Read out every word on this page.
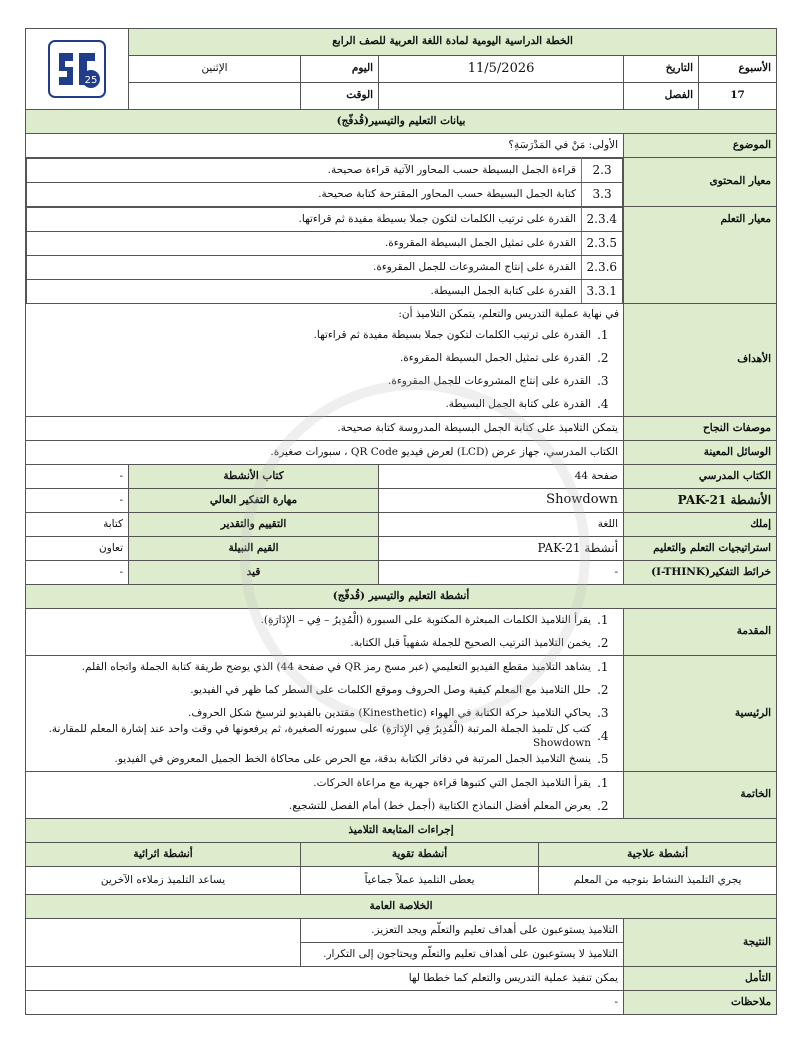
الخطة الدراسية اليومية لمادة اللغة العربية للصف الرابع	
25

الأسبوع	التاريخ	11/5/2026	اليوم	الإثنين
17	الفصل		الوقت	
بيانات التعليم والتيسير(قُدفّج)
الموضوع	الأولى: مَنْ في المَدْرَسَةِ؟
معيار المحتوى	
2.3	قراءة الجمل البسيطة حسب المحاور الآتية قراءة صحيحة.
3.3	كتابة الجمل البسيطة حسب المحاور المقترحة كتابة صحيحة.

معيار التعلم	
2.3.4	القدرة على ترتيب الكلمات لتكون جملا بسيطة مفيدة ثم قراءتها.
2.3.5	القدرة على تمثيل الجمل البسيطة المقروءة.
2.3.6	القدرة على إنتاج المشروعات للجمل المقروءة.
3.3.1	القدرة على كتابة الجمل البسيطة.

الأهداف	
في نهاية عملية التدريس والتعلم، يتمكن التلاميذ أن:
1.
القدرة على ترتيب الكلمات لتكون جملا بسيطة مفيدة ثم قراءتها.
2.
القدرة على تمثيل الجمل البسيطة المقروءة.
3.
القدرة على إنتاج المشروعات للجمل المقروءة.
4.
القدرة على كتابة الجمل البسيطة.

موصفات النجاح	يتمكن التلاميذ على كتابة الجمل البسيطة المدروسة كتابة صحيحة.
الوسائل المعينة	الكتاب المدرسي، جهاز عرض (LCD) لعرض فيديو QR Code ، سبورات صغيرة.
الكتاب المدرسي	صفحة 44	كتاب الأنشطة	-
الأنشطة PAK-21	Showdown	مهارة التفكير العالي	-
إملك	اللغة	التقييم والتقدير	كتابة
استراتيجيات التعلم والتعليم	أنشطة PAK-21	القيم النبيلة	تعاون
خرائط التفكير(I-THINK)	-	قيد	-
أنشطة التعليم والتيسير (قُدفّج)
المقدمة	
1.
يقرأ التلاميذ الكلمات المبعثرة المكتوبة على السبورة (الْمُدِيرُ – فِي – الإِدَارَةِ).
2.
يخمن التلاميذ الترتيب الصحيح للجملة شفهياً قبل الكتابة.

الرئيسية	
1.
يشاهد التلاميذ مقطع الفيديو التعليمي (عبر مسح رمز QR في صفحة 44) الذي يوضح طريقة كتابة الجملة واتجاه القلم.
2.
حلل التلاميذ مع المعلم كيفية وصل الحروف وموقع الكلمات على السطر كما ظهر في الفيديو.
3.
يحاكي التلاميذ حركة الكتابة في الهواء (Kinesthetic) مقتدين بالفيديو لترسيخ شكل الحروف.
4.
كتب كل تلميذ الجملة المرتبة (الْمُدِيرُ فِي الإِدَارَةِ) على سبورته الصغيرة، ثم يرفعونها في وقت واحد عند إشارة المعلم للمقارنة. Showdown
5.
ينسخ التلاميذ الجمل المرتبة في دفاتر الكتابة بدقة، مع الحرص على محاكاة الخط الجميل المعروض في الفيديو.

الخاتمة	
1.
يقرأ التلاميذ الجمل التي كتبوها قراءة جهرية مع مراعاة الحركات.
2.
يعرض المعلم أفضل النماذج الكتابية (أجمل خط) أمام الفصل للتشجيع.

إجراءات المتابعة التلاميذ
أنشطة علاجية	أنشطة تقوية	أنشطة اثرائية
يجري التلميذ النشاط بتوجيه من المعلم	يعطى التلميذ عملاً جماعياً	يساعد التلميذ زملاءه الآخرين
الخلاصة العامة
النتيجة	التلاميذ يستوعبون على أهداف تعليم والتعلّم ويجد التعزيز.	
التلاميذ لا يستوعبون على أهداف تعليم والتعلّم ويحتاجون إلى التكرار.
التأمل	يمكن تنفيذ عملية التدريس والتعلم كما خططا لها
ملاحظات	-
